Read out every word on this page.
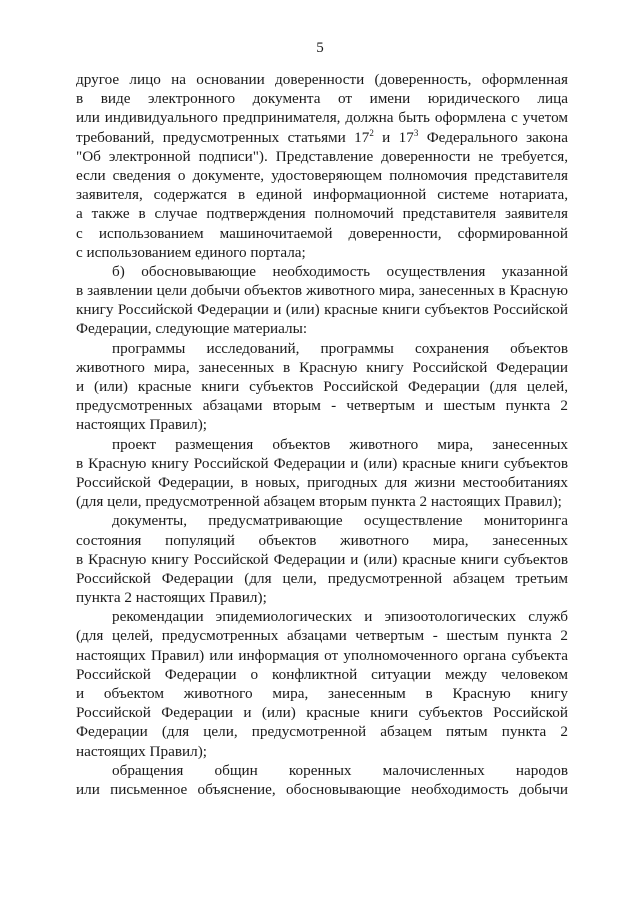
5
другое лицо на основании доверенности (доверенность, оформленная
в виде электронного документа от имени юридического лица
или индивидуального предпринимателя, должна быть оформлена с учетом
требований, предусмотренных статьями $17^2$ и $17^3$ Федерального закона
"Об электронной подписи"). Представление доверенности не требуется,
если сведения о документе, удостоверяющем полномочия представителя
заявителя, содержатся в единой информационной системе нотариата,
а также в случае подтверждения полномочий представителя заявителя
с использованием машиночитаемой доверенности, сформированной
с использованием единого портала;
б) обосновывающие необходимость осуществления указанной
в заявлении цели добычи объектов животного мира, занесенных в Красную
книгу Российской Федерации и (или) красные книги субъектов Российской
Федерации, следующие материалы:
программы исследований, программы сохранения объектов
животного мира, занесенных в Красную книгу Российской Федерации
и (или) красные книги субъектов Российской Федерации (для целей,
предусмотренных абзацами вторым - четвертым и шестым пункта 2
настоящих Правил);
проект размещения объектов животного мира, занесенных
в Красную книгу Российской Федерации и (или) красные книги субъектов
Российской Федерации, в новых, пригодных для жизни местообитаниях
(для цели, предусмотренной абзацем вторым пункта 2 настоящих Правил);
документы, предусматривающие осуществление мониторинга
состояния популяций объектов животного мира, занесенных
в Красную книгу Российской Федерации и (или) красные книги субъектов
Российской Федерации (для цели, предусмотренной абзацем третьим
пункта 2 настоящих Правил);
рекомендации эпидемиологических и эпизоотологических служб
(для целей, предусмотренных абзацами четвертым - шестым пункта 2
настоящих Правил) или информация от уполномоченного органа субъекта
Российской Федерации о конфликтной ситуации между человеком
и объектом животного мира, занесенным в Красную книгу
Российской Федерации и (или) красные книги субъектов Российской
Федерации (для цели, предусмотренной абзацем пятым пункта 2
настоящих Правил);
обращения общин коренных малочисленных народов
или письменное объяснение, обосновывающие необходимость добычи
